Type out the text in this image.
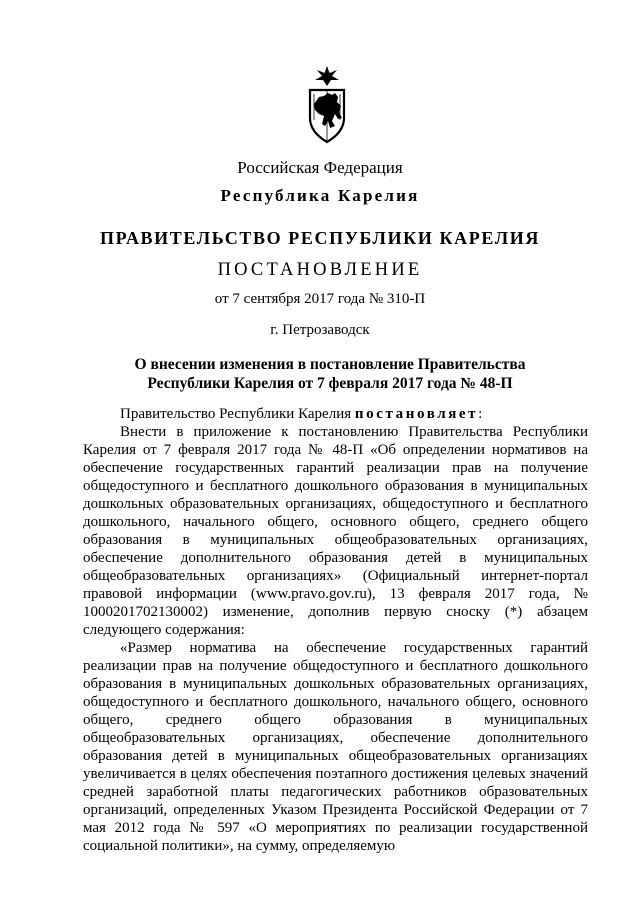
Российская Федерация
Республика Карелия
ПРАВИТЕЛЬСТВО РЕСПУБЛИКИ КАРЕЛИЯ
ПОСТАНОВЛЕНИЕ
от 7 сентября 2017 года № 310-П
г. Петрозаводск
О внесении изменения в постановление Правительства
Республики Карелия от 7 февраля 2017 года № 48-П

Правительство Республики Карелия постановляет:

Внести в приложение к постановлению Правительства Республики Карелия от 7 февраля 2017 года № 48-П «Об определении нормативов на обеспечение государственных гарантий реализации прав на получение общедоступного и бесплатного дошкольного образования в муниципальных дошкольных образовательных организациях, общедоступного и бесплатного дошкольного, начального общего, основного общего, среднего общего образования в муниципальных общеобразовательных организациях, обеспечение дополнительного образования детей в муниципальных общеобразовательных организациях» (Официальный интернет-портал правовой информации (www.pravo.gov.ru), 13 февраля 2017 года, № 1000201702130002) изменение, дополнив первую сноску (*) абзацем следующего содержания:

«Размер норматива на обеспечение государственных гарантий реализации прав на получение общедоступного и бесплатного дошкольного образования в муниципальных дошкольных образовательных организациях, общедоступного и бесплатного дошкольного, начального общего, основного общего, среднего общего образования в муниципальных общеобразовательных организациях, обеспечение дополнительного образования детей в муниципальных общеобразовательных организациях увеличивается в целях обеспечения поэтапного достижения целевых значений средней заработной платы педагогических работников образовательных организаций, определенных Указом Президента Российской Федерации от 7 мая 2012 года № 597 «О мероприятиях по реализации государственной социальной политики», на сумму, определяемую
